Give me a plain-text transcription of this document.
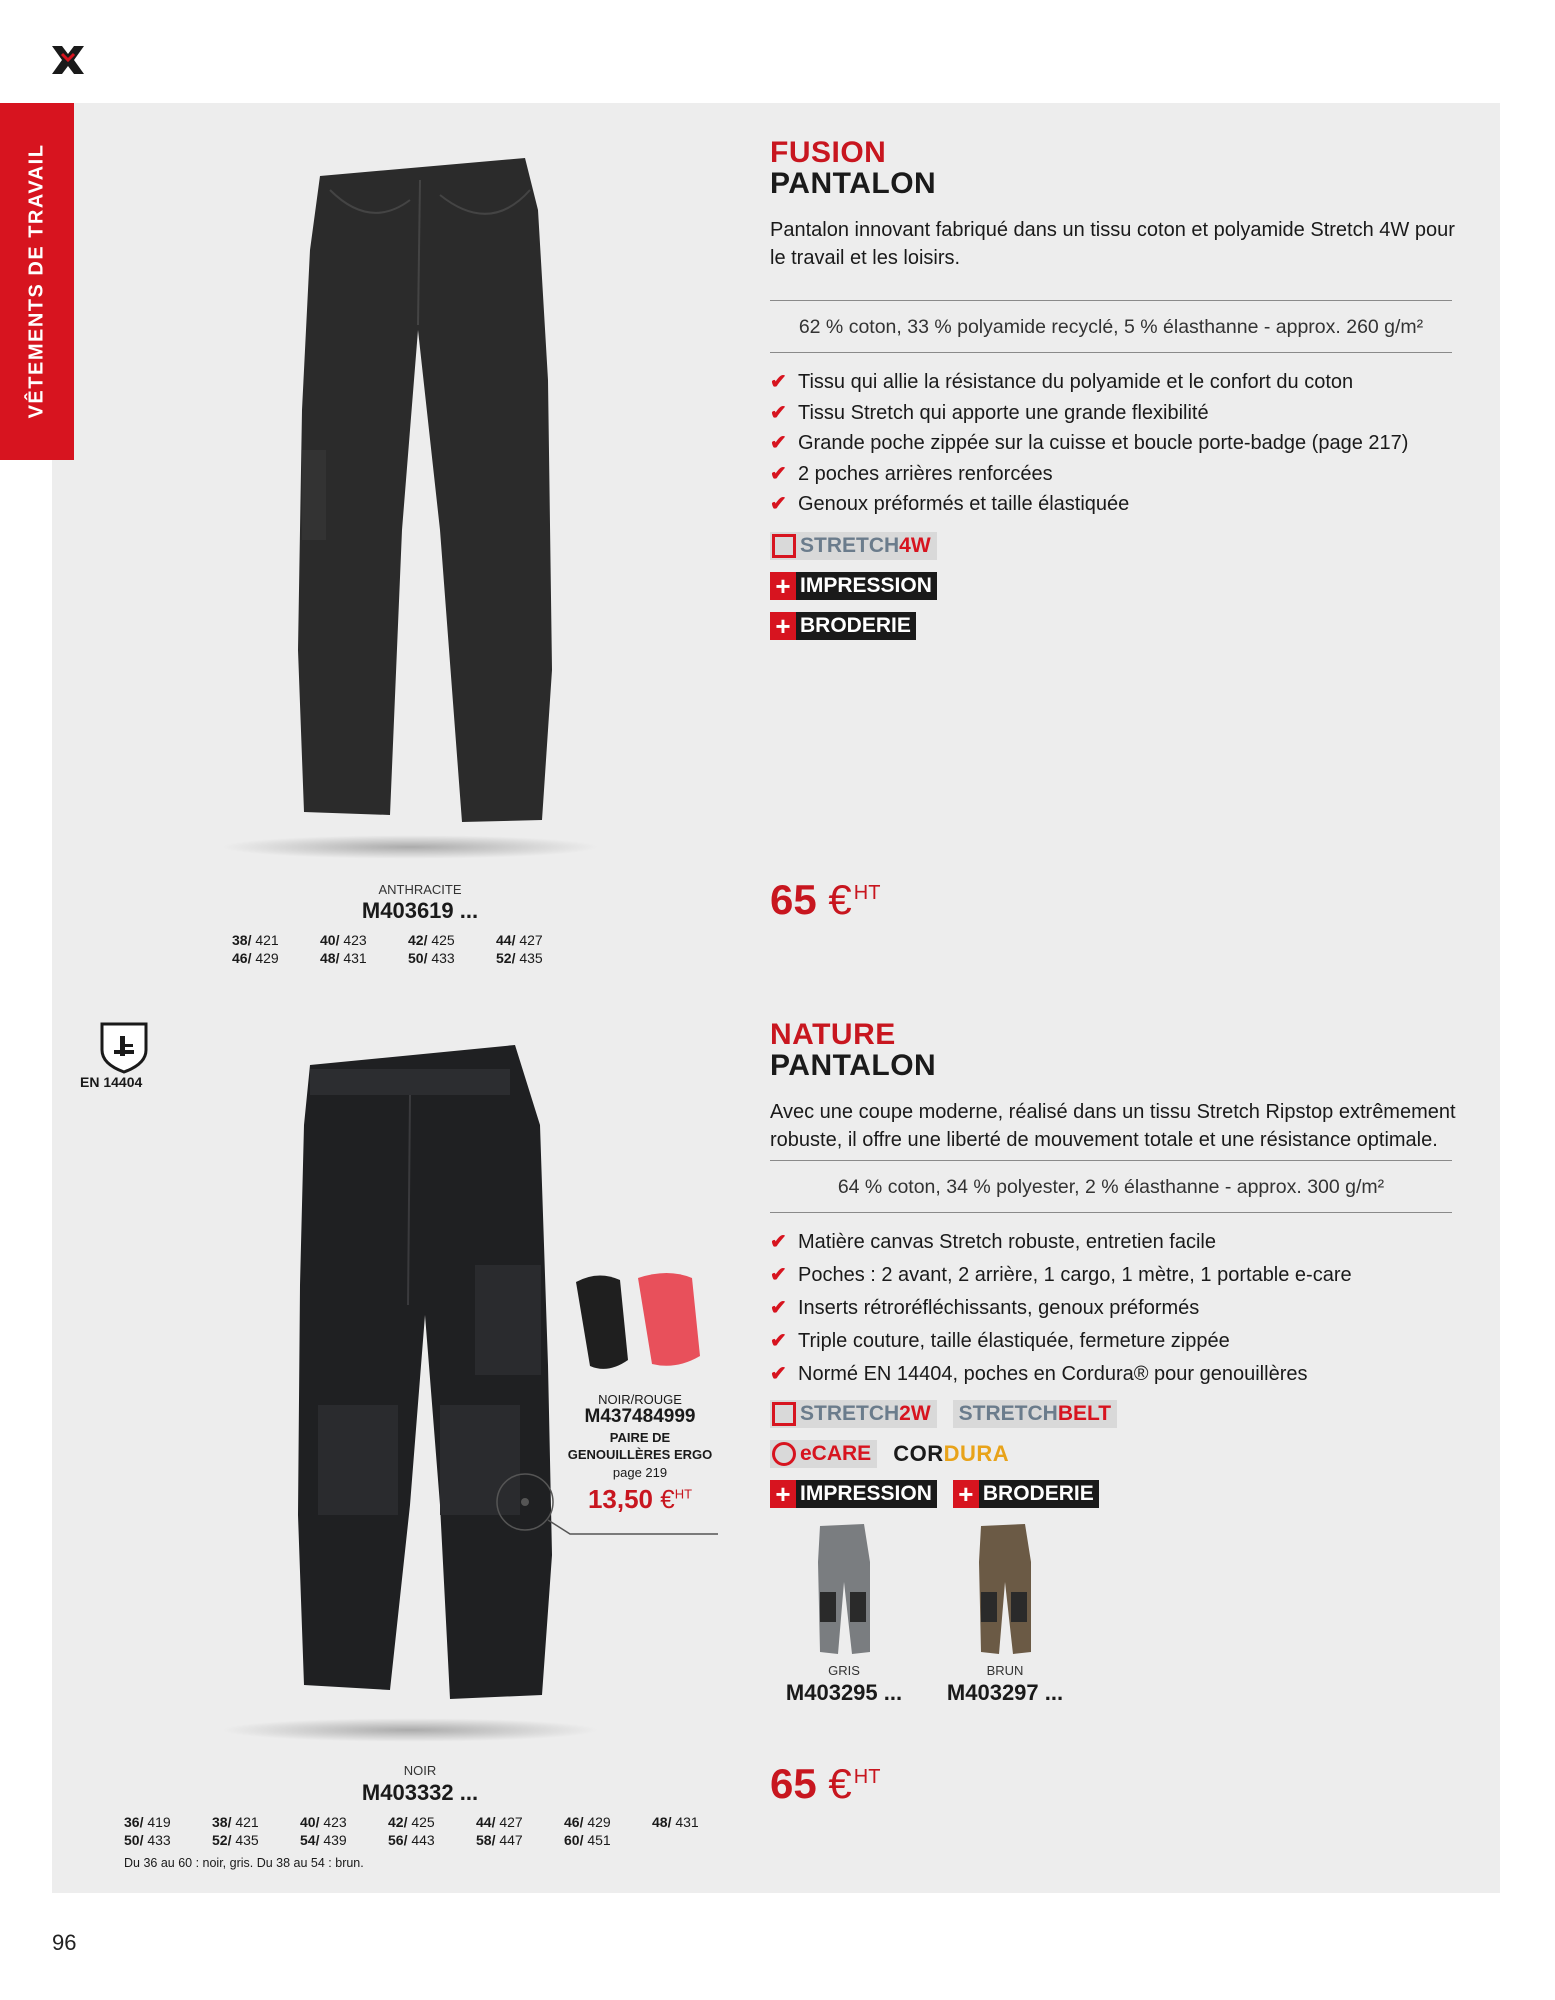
VÊTEMENTS DE TRAVAIL
ANTHRACITE
M403619 ...
38/ 421	40/ 423	42/ 425	44/ 427
46/ 429	48/ 431	50/ 433	52/ 435
FUSION
PANTALON
Pantalon innovant fabriqué dans un tissu coton et polyamide Stretch 4W pour le travail et les loisirs.
62 % coton, 33 % polyamide recyclé, 5 % élasthanne - approx. 260 g/m²
✔ Tissu qui allie la résistance du polyamide et le confort du coton
✔ Tissu Stretch qui apporte une grande flexibilité
✔ Grande poche zippée sur la cuisse et boucle porte-badge (page 217)
✔ 2 poches arrières renforcées
✔ Genoux préformés et taille élastiquée
STRETCH 4W
+ IMPRESSION
+ BRODERIE
65 € $^{HT}$
EN 14404
NOIR/ROUGE
M437484999
PAIRE DE
GENOUILLÈRES ERGO
page 219
13,50 €$^{HT}$
NOIR
M403332 ...
36/ 419	38/ 421	40/ 423	42/ 425	44/ 427	46/ 429	48/ 431
50/ 433	52/ 435	54/ 439	56/ 443	58/ 447	60/ 451
Du 36 au 60 : noir, gris. Du 38 au 54 : brun.
NATURE
PANTALON
Avec une coupe moderne, réalisé dans un tissu Stretch Ripstop extrêmement robuste, il offre une liberté de mouvement totale et une résistance optimale.
64 % coton, 34 % polyester, 2 % élasthanne - approx. 300 g/m²
✔ Matière canvas Stretch robuste, entretien facile
✔ Poches : 2 avant, 2 arrière, 1 cargo, 1 mètre, 1 portable e-care
✔ Inserts rétroréfléchissants, genoux préformés
✔ Triple couture, taille élastiquée, fermeture zippée
✔ Normé EN 14404, poches en Cordura® pour genouillères
STRETCH 2W STRETCH BELT
eCARE COR DURA
+ IMPRESSION + BRODERIE
GRIS
M403295 ...
BRUN
M403297 ...
65 € $^{HT}$
96
